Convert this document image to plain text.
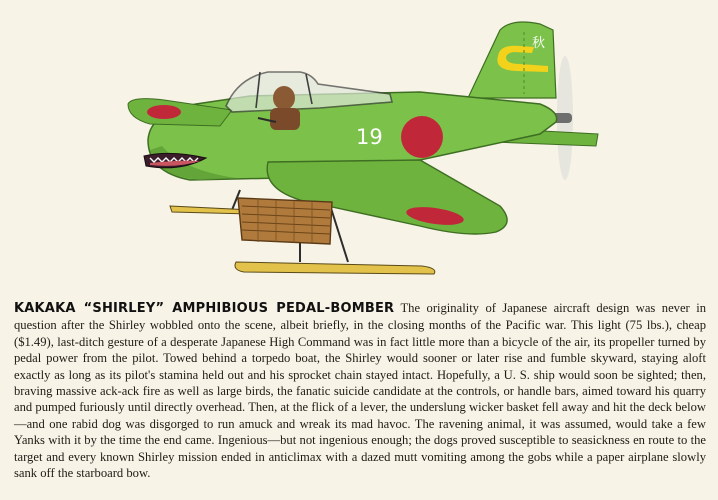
秋
19
KAKAKA “SHIRLEY” AMPHIBIOUS PEDAL-BOMBER The originality of Japanese aircraft design was never in question after the Shirley wobbled onto the scene, albeit briefly, in the closing months of the Pacific war. This light (75 lbs.), cheap ($1.49), last-ditch gesture of a desperate Japanese High Command was in fact little more than a bicycle of the air, its propeller turned by pedal power from the pilot. Towed behind a torpedo boat, the Shirley would sooner or later rise and fumble skyward, staying aloft exactly as long as its pilot's stamina held out and his sprocket chain stayed intact. Hopefully, a U. S. ship would soon be sighted; then, braving massive ack-ack fire as well as large birds, the fanatic suicide candidate at the controls, or handle bars, aimed toward his quarry and pumped furiously until directly overhead. Then, at the flick of a lever, the underslung wicker basket fell away and hit the deck below—and one rabid dog was disgorged to run amuck and wreak its mad havoc. The ravening animal, it was assumed, would take a few Yanks with it by the time the end came. Ingenious—but not ingenious enough; the dogs proved susceptible to seasickness en route to the target and every known Shirley mission ended in anticlimax with a dazed mutt vomiting among the gobs while a paper airplane slowly sank off the starboard bow.
